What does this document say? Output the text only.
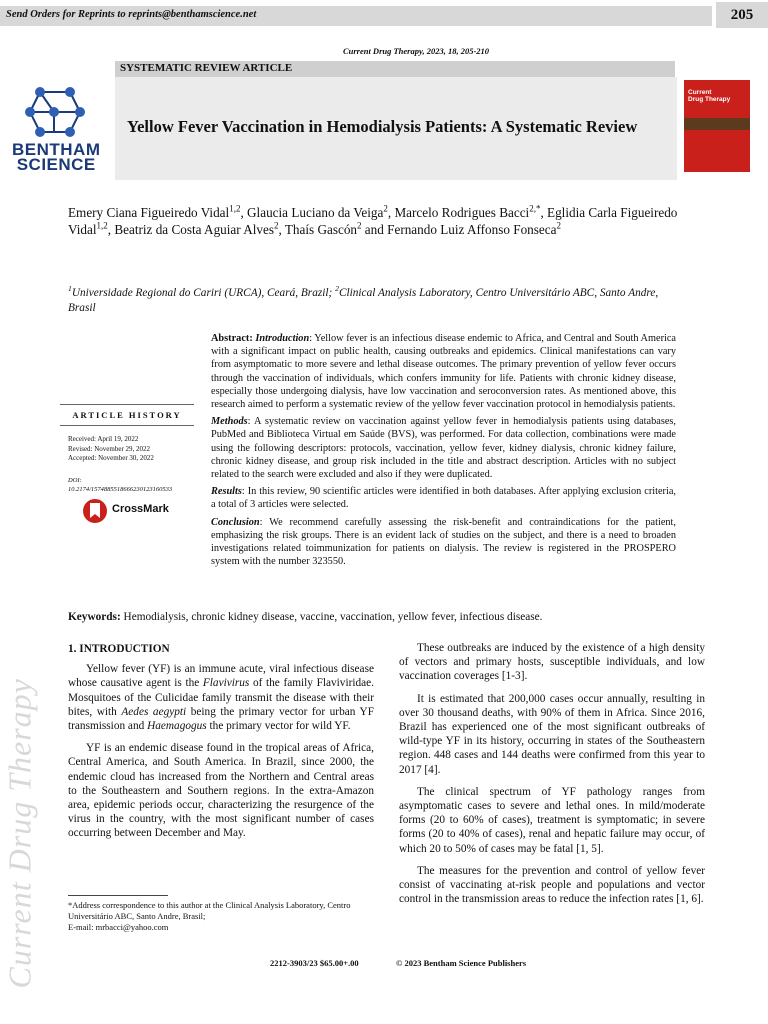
Send Orders for Reprints to reprints@benthamscience.net	205
Current Drug Therapy, 2023, 18, 205-210
SYSTEMATIC REVIEW ARTICLE
Yellow Fever Vaccination in Hemodialysis Patients: A Systematic Review
BENTHAM
SCIENCE
Current
Drug Therapy
Emery Ciana Figueiredo Vidal$^{1,2}$, Glaucia Luciano da Veiga$^2$, Marcelo Rodrigues Bacci$^{2,*}$, Eglidia Carla Figueiredo Vidal$^{1,2}$, Beatriz da Costa Aguiar Alves$^2$, Thaís Gascón$^2$ and Fernando Luiz Affonso Fonseca$^2$
$^1$Universidade Regional do Cariri (URCA), Ceará, Brazil; $^2$Clinical Analysis Laboratory, Centro Universitário ABC, Santo Andre, Brasil
ARTICLE HISTORY
Received: April 19, 2022
Revised: November 29, 2022
Accepted: November 30, 2022
DOI:
10.2174/1574885518666230123160533
CrossMark

Abstract: Introduction: Yellow fever is an infectious disease endemic to Africa, and Central and South America with a significant impact on public health, causing outbreaks and epidemics. Clinical manifestations can vary from asymptomatic to more severe and lethal disease outcomes. The primary prevention of yellow fever occurs through the vaccination of individuals, which confers immunity for life. Patients with chronic kidney disease, especially those undergoing dialysis, have low vaccination and seroconversion rates. As mentioned above, this research aimed to perform a systematic review of the yellow fever vaccination protocol in hemodialysis patients.

Methods: A systematic review on vaccination against yellow fever in hemodialysis patients using databases, PubMed and Biblioteca Virtual em Saúde (BVS), was performed. For data collection, combinations were made using the following descriptors: protocols, vaccination, yellow fever, kidney dialysis, chronic kidney failure, chronic kidney disease, and group risk included in the title and abstract description. Articles with no subject related to the search were excluded and also if they were duplicated.

Results: In this review, 90 scientific articles were identified in both databases. After applying exclusion criteria, a total of 3 articles were selected.

Conclusion: We recommend carefully assessing the risk-benefit and contraindications for the patient, emphasizing the risk groups. There is an evident lack of studies on the subject, and there is a need to broaden investigations related toimmunization for patients on dialysis. The review is registered in the PROSPERO system with the number 323550.

Keywords: Hemodialysis, chronic kidney disease, vaccine, vaccination, yellow fever, infectious disease.
1. INTRODUCTION

Yellow fever (YF) is an immune acute, viral infectious disease whose causative agent is the Flavivirus of the family Flaviviridae. Mosquitoes of the Culicidae family transmit the disease with their bites, with Aedes aegypti being the primary vector for urban YF transmission and Haemagogus the primary vector for wild YF.

YF is an endemic disease found in the tropical areas of Africa, Central America, and South America. In Brazil, since 2000, the endemic cloud has increased from the Northern and Central areas to the Southeastern and Southern regions. In the extra-Amazon area, epidemic periods occur, characterizing the resurgence of the virus in the country, with the most significant number of cases occurring between December and May.

*Address correspondence to this author at the Clinical Analysis Laboratory, Centro Universitário ABC, Santo Andre, Brasil;
E-mail: mrbacci@yahoo.com

These outbreaks are induced by the existence of a high density of vectors and primary hosts, susceptible individuals, and low vaccination coverages [1-3].

It is estimated that 200,000 cases occur annually, resulting in over 30 thousand deaths, with 90% of them in Africa. Since 2016, Brazil has experienced one of the most significant outbreaks of wild-type YF in its history, occurring in states of the Southeastern region. 448 cases and 144 deaths were confirmed from this year to 2017 [4].

The clinical spectrum of YF pathology ranges from asymptomatic cases to severe and lethal ones. In mild/moderate forms (20 to 60% of cases), treatment is symptomatic; in severe forms (20 to 40% of cases), renal and hepatic failure may occur, of which 20 to 50% of cases may be fatal [1, 5].

The measures for the prevention and control of yellow fever consist of vaccinating at-risk people and populations and vector control in the transmission areas to reduce the infection rates [1, 6].

2212-3903/23 $65.00+.00	© 2023 Bentham Science Publishers
Current Drug Therapy
